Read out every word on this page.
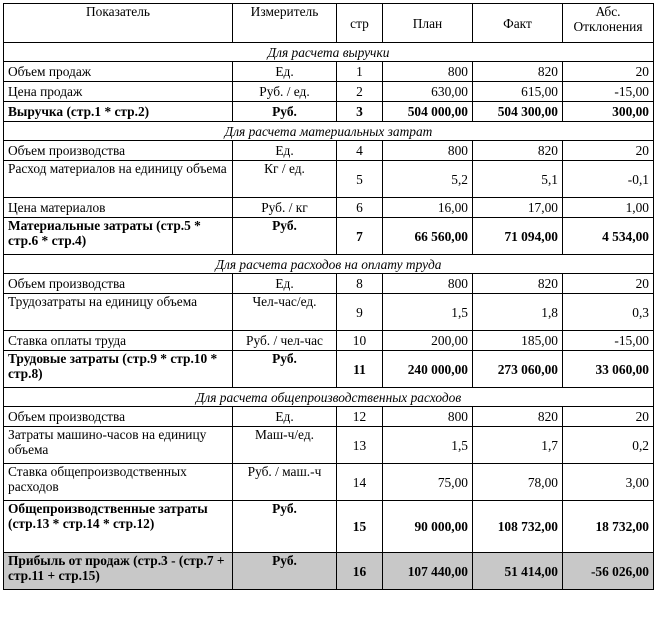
Показатель	Измеритель	стр	План	Факт	Абс. Отклонения
Для расчета выручки					
Объем продаж	Ед.	1	800	820	20
Цена продаж	Руб. / ед.	2	630,00	615,00	-15,00
Выручка (стр.1 * стр.2)	Руб.	3	504 000,00	504 300,00	300,00
Для расчета материальных затрат					
Объем производства	Ед.	4	800	820	20
Расход материалов на единицу объема	Кг / ед.	5	5,2	5,1	-0,1
Цена материалов	Руб. / кг	6	16,00	17,00	1,00
Материальные затраты (стр.5 * стр.6 * стр.4)	Руб.	7	66 560,00	71 094,00	4 534,00
Для расчета расходов на оплату труда					
Объем производства	Ед.	8	800	820	20
Трудозатраты на единицу объема	Чел-час/ед.	9	1,5	1,8	0,3
Ставка оплаты труда	Руб. / чел-час	10	200,00	185,00	-15,00
Трудовые затраты (стр.9 * стр.10 * стр.8)	Руб.	11	240 000,00	273 060,00	33 060,00
Для расчета общепроизводственных расходов					
Объем производства	Ед.	12	800	820	20
Затраты машино-часов на единицу объема	Маш-ч/ед.	13	1,5	1,7	0,2
Ставка общепроизводственных расходов	Руб. / маш.-ч	14	75,00	78,00	3,00
Общепроизводственные затраты (стр.13 * стр.14 * стр.12)	Руб.	15	90 000,00	108 732,00	18 732,00
Прибыль от продаж (стр.3 - (стр.7 + стр.11 + стр.15)	Руб.	16	107 440,00	51 414,00	-56 026,00
